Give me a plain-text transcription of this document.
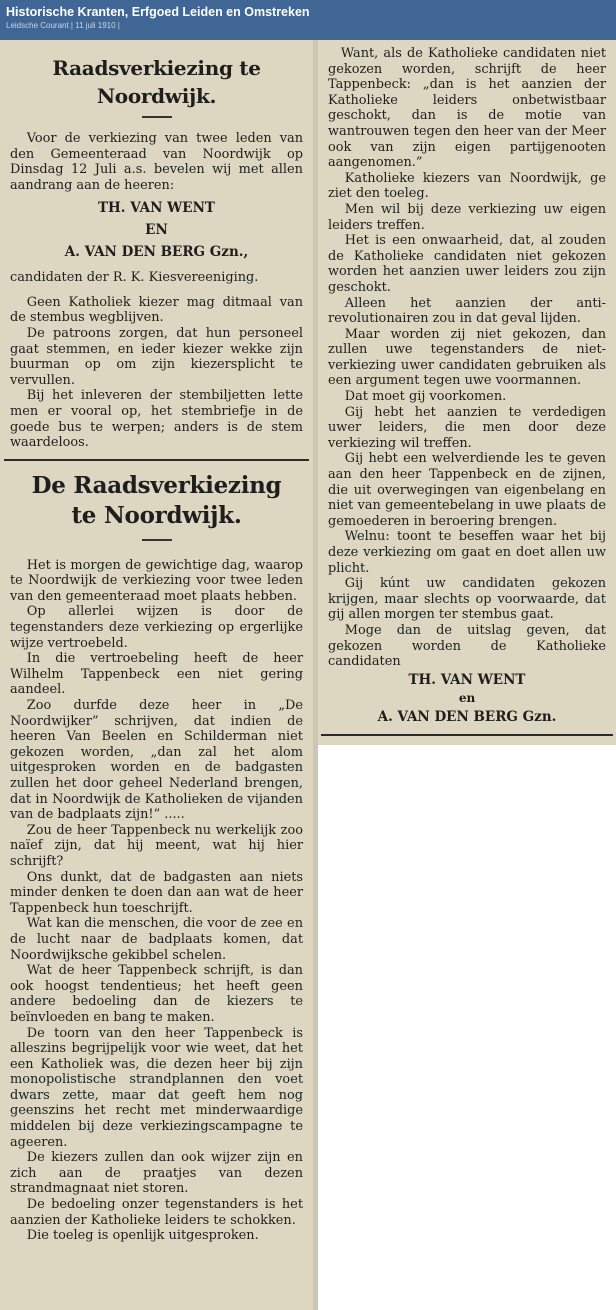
Historische Kranten, Erfgoed Leiden en Omstreken
Leidsche Courant | 11 juli 1910 |
Raadsverkiezing te Noordwijk.

Voor de verkiezing van twee leden van den Gemeenteraad van Noordwijk op Dinsdag 12 Juli a.s. bevelen wij met allen aandrang aan de heeren:

TH. VAN WENT

EN

A. VAN DEN BERG Gzn.,

candidaten der R. K. Kiesvereeniging.

Geen Katholiek kiezer mag ditmaal van de stembus wegblijven.

De patroons zorgen, dat hun personeel gaat stemmen, en ieder kiezer wekke zijn buurman op om zijn kiezersplicht te vervullen.

Bij het inleveren der stembiljetten lette men er vooral op, het stembriefje in de goede bus te werpen; anders is de stem waardeloos.

De Raadsverkiezing
te Noordwijk.

Het is morgen de gewichtige dag, waarop te Noordwijk de verkiezing voor twee leden van den gemeenteraad moet plaats hebben.

Op allerlei wijzen is door de tegenstanders deze verkiezing op ergerlijke wijze vertroebeld.

In die vertroebeling heeft de heer Wilhelm Tappenbeck een niet gering aandeel.

Zoo durfde deze heer in „De Noordwijker” schrijven, dat indien de heeren Van Beelen en Schilderman niet gekozen worden, „dan zal het alom uitgesproken worden en de badgasten zullen het door geheel Nederland brengen, dat in Noordwijk de Katholieken de vijanden van de badplaats zijn!” .....

Zou de heer Tappenbeck nu werkelijk zoo naïef zijn, dat hij meent, wat hij hier schrijft?

Ons dunkt, dat de badgasten aan niets minder denken te doen dan aan wat de heer Tappenbeck hun toeschrijft.

Wat kan die menschen, die voor de zee en de lucht naar de badplaats komen, dat Noordwijksche gekibbel schelen.

Wat de heer Tappenbeck schrijft, is dan ook hoogst tendentieus; het heeft geen andere bedoeling dan de kiezers te beïnvloeden en bang te maken.

De toorn van den heer Tappenbeck is alleszins begrijpelijk voor wie weet, dat het een Katholiek was, die dezen heer bij zijn monopolistische strandplannen den voet dwars zette, maar dat geeft hem nog geenszins het recht met minderwaardige middelen bij deze verkiezingscampagne te ageeren.

De kiezers zullen dan ook wijzer zijn en zich aan de praatjes van dezen strandmagnaat niet storen.

De bedoeling onzer tegenstanders is het aanzien der Katholieke leiders te schokken.

Die toeleg is openlijk uitgesproken.

Want, als de Katholieke candidaten niet gekozen worden, schrijft de heer Tappenbeck: „dan is het aanzien der Katholieke leiders onbetwistbaar geschokt, dan is de motie van wantrouwen tegen den heer van der Meer ook van zijn eigen partijgenooten aangenomen.”

Katholieke kiezers van Noordwijk, ge ziet den toeleg.

Men wil bij deze verkiezing uw eigen leiders treffen.

Het is een onwaarheid, dat, al zouden de Katholieke candidaten niet gekozen worden het aanzien uwer leiders zou zijn geschokt.

Alleen het aanzien der anti-revolutionairen zou in dat geval lijden.

Maar worden zij niet gekozen, dan zullen uwe tegenstanders de niet-verkiezing uwer candidaten gebruiken als een argument tegen uwe voormannen.

Dat moet gij voorkomen.

Gij hebt het aanzien te verdedigen uwer leiders, die men door deze verkiezing wil treffen.

Gij hebt een welverdiende les te geven aan den heer Tappenbeck en de zijnen, die uit overwegingen van eigenbelang en niet van gemeentebelang in uwe plaats de gemoederen in beroering brengen.

Welnu: toont te beseffen waar het bij deze verkiezing om gaat en doet allen uw plicht.

Gij kúnt uw candidaten gekozen krijgen, maar slechts op voorwaarde, dat gij allen morgen ter stembus gaat.

Moge dan de uitslag geven, dat gekozen worden de Katholieke candidaten

TH. VAN WENT

en

A. VAN DEN BERG Gzn.
